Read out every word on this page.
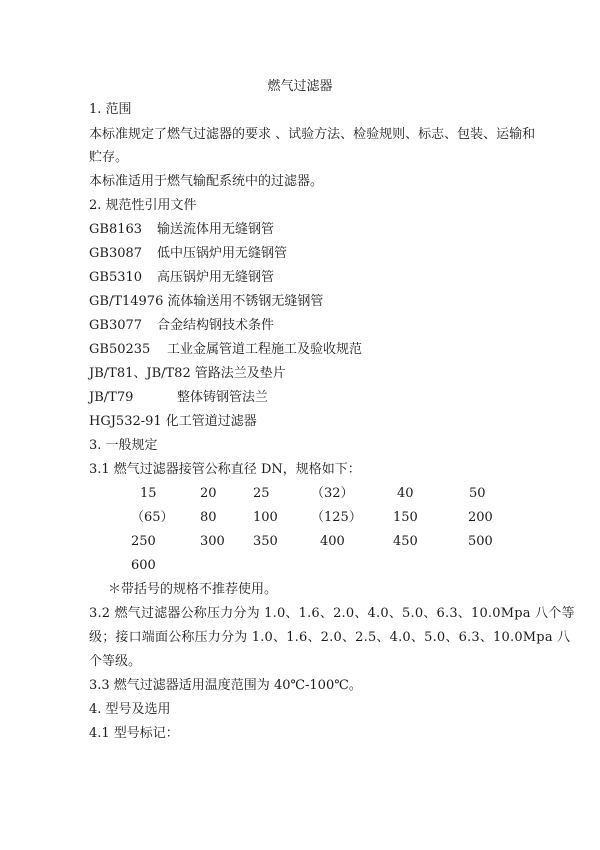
燃气过滤器
1. 范围
本标准规定了燃气过滤器的要求 、试验方法、检验规则、标志、包装、运输和
贮存。
本标准适用于燃气输配系统中的过滤器。
2. 规范性引用文件
GB8163 输送流体用无缝钢管
GB3087 低中压锅炉用无缝钢管
GB5310 高压锅炉用无缝钢管
GB/T14976 流体输送用不锈钢无缝钢管
GB3077 合金结构钢技术条件
GB50235 工业金属管道工程施工及验收规范
JB/T81、JB/T82 管路法兰及垫片
JB/T79	整体铸钢管法兰
HGJ532-91 化工管道过滤器
3. 一般规定
3.1 燃气过滤器接管公称直径 DN，规格如下：
15	20	25	（32）	40	50
（65） 80	100	（125） 150	200
250	300 350	400	450	500
600
＊带括号的规格不推荐使用。
3.2 燃气过滤器公称压力分为 1.0、1.6、2.0、4.0、5.0、6.3、10.0Mpa 八个等
级；接口端面公称压力分为 1.0、1.6、2.0、2.5、4.0、5.0、6.3、10.0Mpa 八
个等级。
3.3 燃气过滤器适用温度范围为 40℃-100℃。
4. 型号及选用
4.1 型号标记：
